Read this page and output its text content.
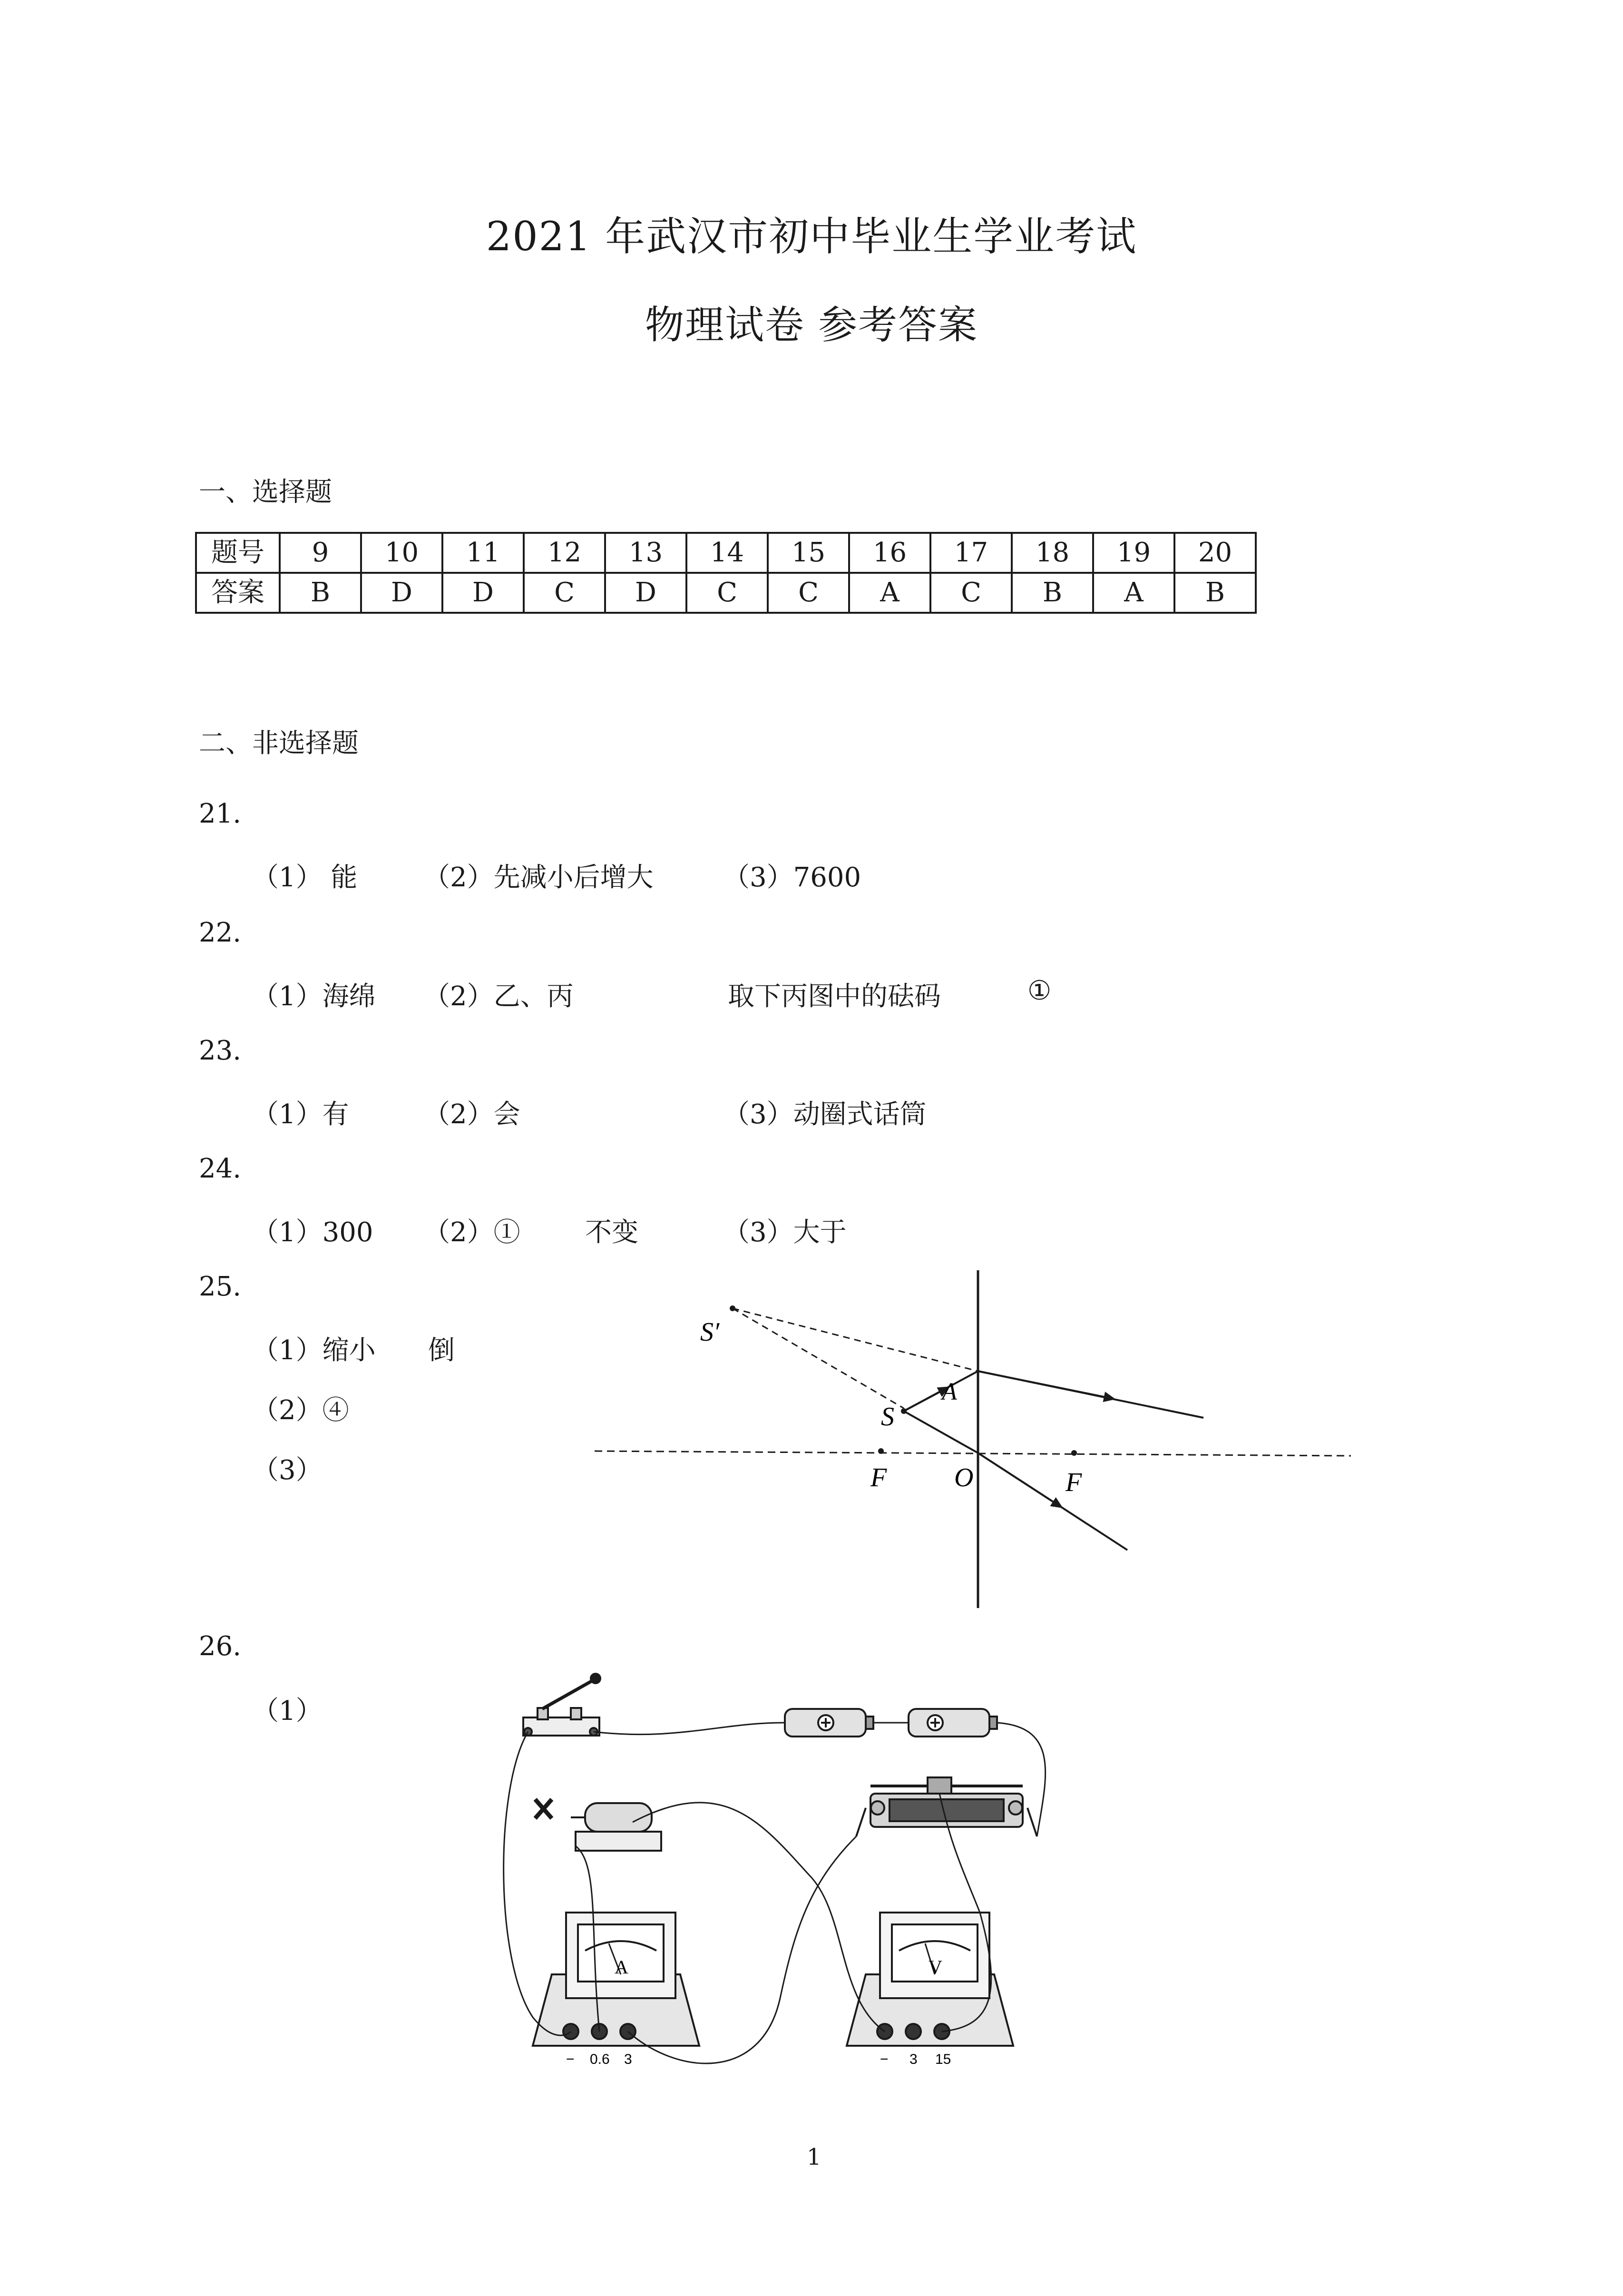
2021 年武汉市初中毕业生学业考试
物理试卷 参考答案
一、选择题
题号	9	10	11	12	13	14	15	16	17	18	19	20
答案	B	D	D	C	D	C	C	A	C	B	A	B
二、非选择题
21.
（1） 能 （2）先减小后增大	（3）7600
22.
（1）海绵 （2）乙、丙	取下丙图中的砝码	①
23.
（1）有	（2）会	（3）动圈式话筒
24.
（1）300 （2）① 不变	（3）大于
25.
（1）缩小 倒
（2）④
（3）
S′
S
A
F	O	F
26.
（1）
A	V
− 0.6 3	− 3 15
1
